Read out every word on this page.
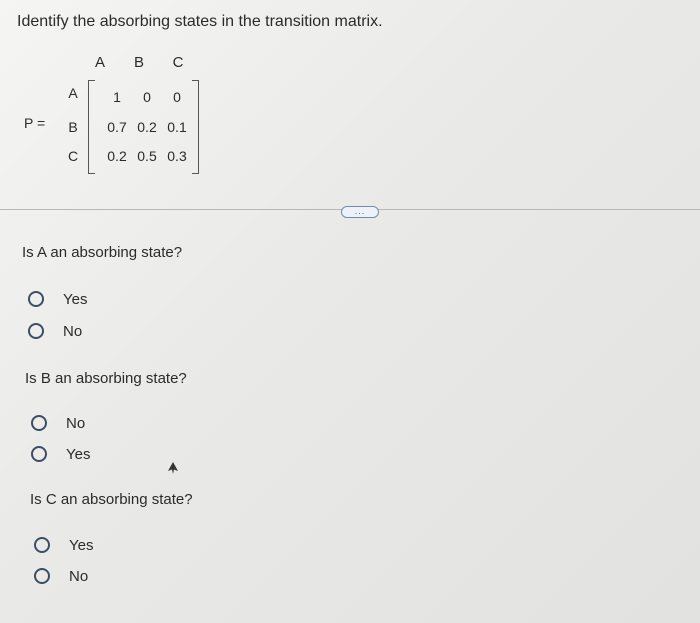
Identify the absorbing states in the transition matrix.
P =
A	B	C
A	1	0	0
B	0.7 0.2 0.1
C	0.2 0.5 0.3
...
Is A an absorbing state?
Yes
No
Is B an absorbing state?
No
Yes
Is C an absorbing state?
Yes
No
